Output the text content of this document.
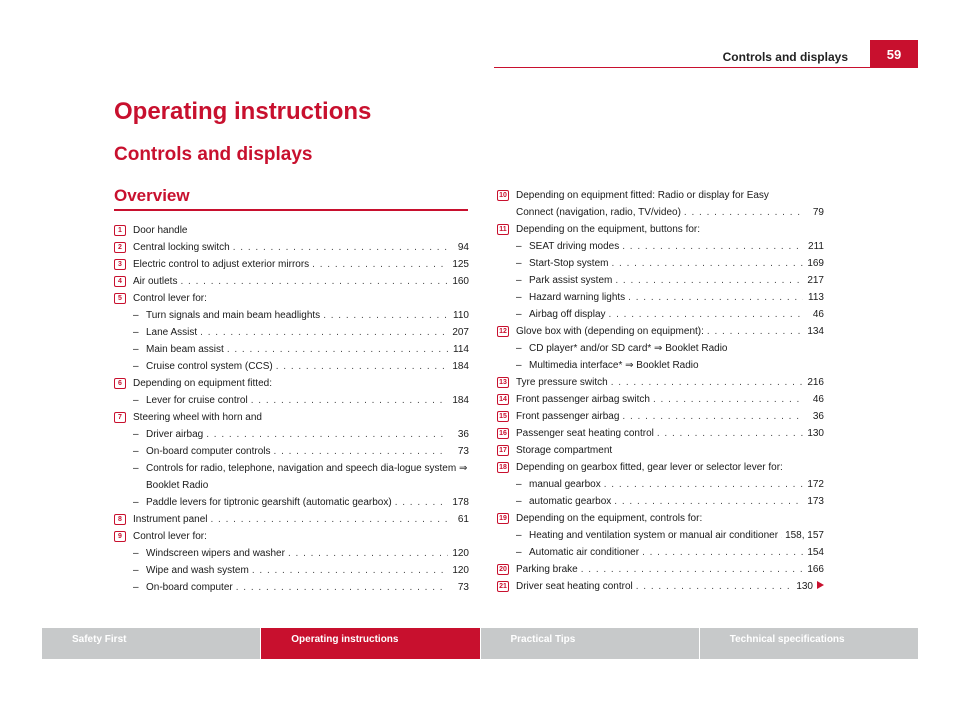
Controls and displays	59
Operating instructions
Controls and displays
Overview
1	Door handle
2	Central locking switch . . .	94
3	Electric control to adjust exterior mirrors . . .	125
4	Air outlets . . .	160
5	Control lever for:
– Turn signals and main beam headlights . . .	110
– Lane Assist . . .	207
– Main beam assist . . .	114
– Cruise control system (CCS) . . .	184
6	Depending on equipment fitted:
– Lever for cruise control . . .	184
7	Steering wheel with horn and
– Driver airbag . . .	36
– On-board computer controls . . .	73
– Controls for radio, telephone, navigation and speech dia-logue system ⇒ Booklet Radio
– Paddle levers for tiptronic gearshift (automatic gearbox) . . .	178
8	Instrument panel . . .	61
9	Control lever for:
– Windscreen wipers and washer . . .	120
– Wipe and wash system . . .	120
– On-board computer . . .	73
10 Depending on equipment fitted: Radio or display for Easy
Connect (navigation, radio, TV/video) . . .	79
11 Depending on the equipment, buttons for:
– SEAT driving modes . . .	211
– Start-Stop system . . .	169
– Park assist system . . .	217
– Hazard warning lights . . .	113
– Airbag off display . . .	46
12 Glove box with (depending on equipment): . . .	134
– CD player* and/or SD card* ⇒ Booklet Radio
– Multimedia interface* ⇒ Booklet Radio
13 Tyre pressure switch . . .	216
14 Front passenger airbag switch . . .	46
15 Front passenger airbag . . .	36
16 Passenger seat heating control . . .	130
17 Storage compartment
18 Depending on gearbox fitted, gear lever or selector lever for:
– manual gearbox . . .	172
– automatic gearbox . . .	173
19 Depending on the equipment, controls for:
– Heating and ventilation system or manual air conditioner . . . 158, 157
– Automatic air conditioner . . .	154
20 Parking brake . . .	166
21 Driver seat heating control . . .	130
Safety First	Operating instructions	Practical Tips	Technical specifications
